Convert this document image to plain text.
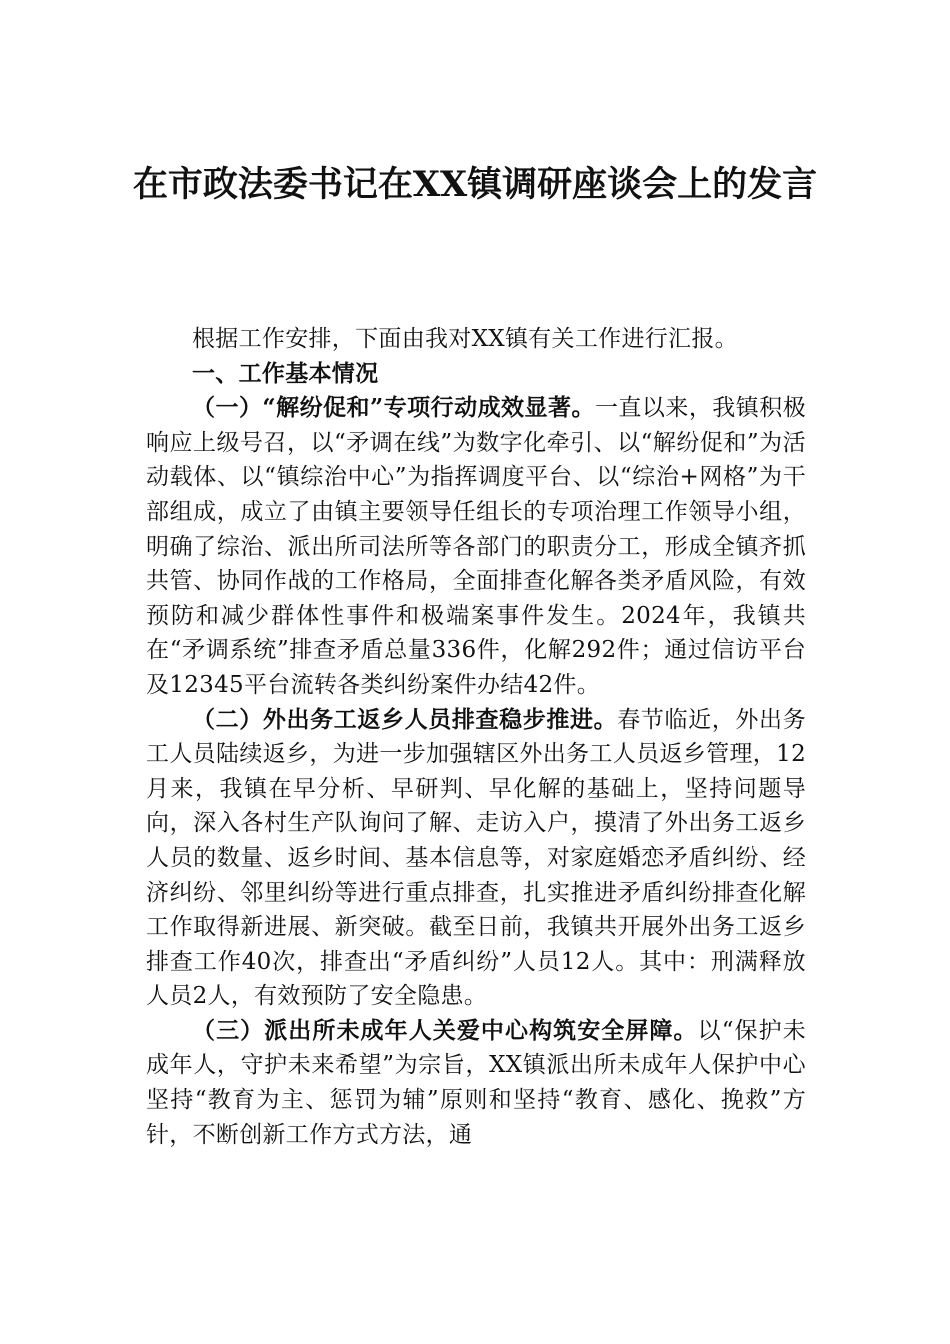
在市政法委书记在XX镇调研座谈会上的发言

根据工作安排，下面由我对XX镇有关工作进行汇报。

一、工作基本情况

（一）“解纷促和”专项行动成效显著。一直以来，我镇积极响应上级号召，以“矛调在线”为数字化牵引、以“解纷促和”为活动载体、以“镇综治中心”为指挥调度平台、以“综治+网格”为干部组成，成立了由镇主要领导任组长的专项治理工作领导小组，明确了综治、派出所司法所等各部门的职责分工，形成全镇齐抓共管、协同作战的工作格局，全面排查化解各类矛盾风险，有效预防和减少群体性事件和极端案事件发生。2024年，我镇共在“矛调系统”排查矛盾总量336件，化解292件；通过信访平台及12345平台流转各类纠纷案件办结42件。

（二）外出务工返乡人员排查稳步推进。春节临近，外出务工人员陆续返乡，为进一步加强辖区外出务工人员返乡管理，12月来，我镇在早分析、早研判、早化解的基础上，坚持问题导向，深入各村生产队询问了解、走访入户，摸清了外出务工返乡人员的数量、返乡时间、基本信息等，对家庭婚恋矛盾纠纷、经济纠纷、邻里纠纷等进行重点排查，扎实推进矛盾纠纷排查化解工作取得新进展、新突破。截至日前，我镇共开展外出务工返乡排查工作40次，排查出“矛盾纠纷”人员12人。其中：刑满释放人员2人，有效预防了安全隐患。

（三）派出所未成年人关爱中心构筑安全屏障。以“保护未成年人，守护未来希望”为宗旨，XX镇派出所未成年人保护中心坚持“教育为主、惩罚为辅”原则和坚持“教育、感化、挽救”方针，不断创新工作方式方法，通
